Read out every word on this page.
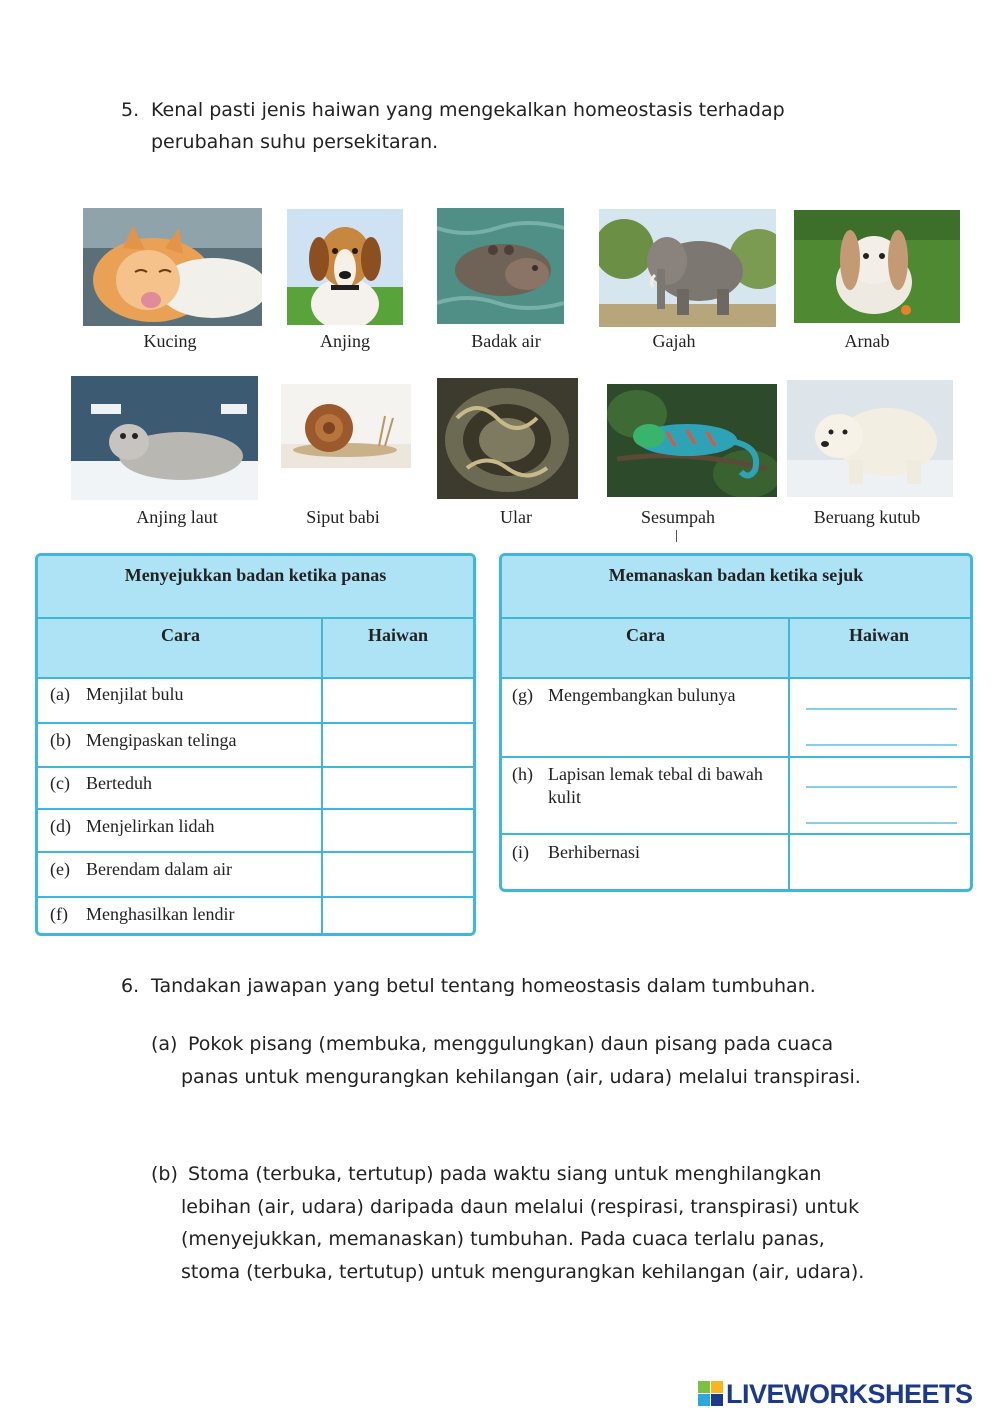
5. Kenal pasti jenis haiwan yang mengekalkan homeostasis terhadap perubahan suhu persekitaran.
Kucing	Anjing	Badak air	Gajah	Arnab
Anjing laut	Siput babi	Ular	Sesumpah	Beruang kutub
Menyejukkan badan ketika panas
Cara	Haiwan
(a) Menjilat bulu
(b) Mengipaskan telinga
(c) Berteduh
(d) Menjelirkan lidah
(e) Berendam dalam air
(f) Menghasilkan lendir
Memanaskan badan ketika sejuk
Cara	Haiwan
(g) Mengembangkan bulunya
(h) Lapisan lemak tebal di bawah kulit
(i) Berhibernasi
6. Tandakan jawapan yang betul tentang homeostasis dalam tumbuhan.
(a) Pokok pisang (membuka, menggulungkan) daun pisang pada cuaca panas untuk mengurangkan kehilangan (air, udara) melalui transpirasi.
(b) Stoma (terbuka, tertutup) pada waktu siang untuk menghilangkan lebihan (air, udara) daripada daun melalui (respirasi, transpirasi) untuk (menyejukkan, memanaskan) tumbuhan. Pada cuaca terlalu panas, stoma (terbuka, tertutup) untuk mengurangkan kehilangan (air, udara).
LIVEWORKSHEETS
